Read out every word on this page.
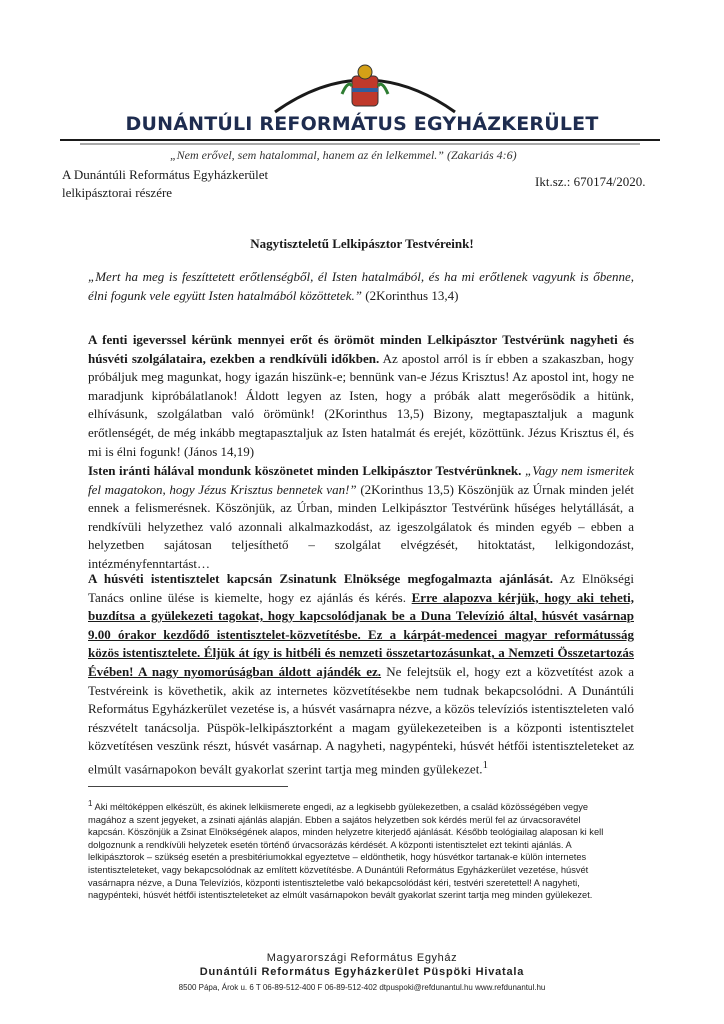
DUNÁNTÚLI REFORMÁTUS EGYHÁZKERÜLET
„Nem erővel, sem hatalommal, hanem az én lelkemmel.” (Zakariás 4:6)
A Dunántúli Református Egyházkerület
lelkipásztorai részére
Ikt.sz.: 670174/2020.
Nagytiszteletű Lelkipásztor Testvéreink!
„Mert ha meg is feszíttetett erőtlenségből, él Isten hatalmából, és ha mi erőtlenek vagyunk is őbenne, élni fogunk vele együtt Isten hatalmából közöttetek.” (2Korinthus 13,4)
A fenti igeverssel kérünk mennyei erőt és örömöt minden Lelkipásztor Testvérünk nagyheti és húsvéti szolgálataira, ezekben a rendkívüli időkben. Az apostol arról is ír ebben a szakaszban, hogy próbáljuk meg magunkat, hogy igazán hiszünk-e; bennünk van-e Jézus Krisztus! Az apostol int, hogy ne maradjunk kipróbálatlanok! Áldott legyen az Isten, hogy a próbák alatt megerősödik a hitünk, elhívásunk, szolgálatban való örömünk! (2Korinthus 13,5) Bizony, megtapasztaljuk a magunk erőtlenségét, de még inkább megtapasztaljuk az Isten hatalmát és erejét, közöttünk. Jézus Krisztus él, és mi is élni fogunk! (János 14,19)
Isten iránti hálával mondunk köszönetet minden Lelkipásztor Testvérünknek. „Vagy nem ismeritek fel magatokon, hogy Jézus Krisztus bennetek van!” (2Korinthus 13,5) Köszönjük az Úrnak minden jelét ennek a felismerésnek. Köszönjük, az Úrban, minden Lelkipásztor Testvérünk hűséges helytállását, a rendkívüli helyzethez való azonnali alkalmazkodást, az igeszolgálatok és minden egyéb – ebben a helyzetben sajátosan teljesíthető – szolgálat elvégzését, hitoktatást, lelkigondozást, intézményfenntartást…
A húsvéti istentisztelet kapcsán Zsinatunk Elnöksége megfogalmazta ajánlását. Az Elnökségi Tanács online ülése is kiemelte, hogy ez ajánlás és kérés. Erre alapozva kérjük, hogy aki teheti, buzdítsa a gyülekezeti tagokat, hogy kapcsolódjanak be a Duna Televízió által, húsvét vasárnap 9.00 órakor kezdődő istentisztelet-közvetítésbe. Ez a kárpát-medencei magyar reformátusság közös istentisztelete. Éljük át így is hitbéli és nemzeti összetartozásunkat, a Nemzeti Összetartozás Évében! A nagy nyomorúságban áldott ajándék ez. Ne felejtsük el, hogy ezt a közvetítést azok a Testvéreink is követhetik, akik az internetes közvetítésekbe nem tudnak bekapcsolódni. A Dunántúli Református Egyházkerület vezetése is, a húsvét vasárnapra nézve, a közös televíziós istentiszteleten való részvételt tanácsolja. Püspök-lelkipásztorként a magam gyülekezeteiben is a központi istentisztelet közvetítésen veszünk részt, húsvét vasárnap. A nagyheti, nagypénteki, húsvét hétfői istentiszteleteket az elmúlt vasárnapokon bevált gyakorlat szerint tartja meg minden gyülekezet.$^1$
$^1$ Aki méltóképpen elkészült, és akinek lelkiismerete engedi, az a legkisebb gyülekezetben, a család közösségében vegye magához a szent jegyeket, a zsinati ajánlás alapján. Ebben a sajátos helyzetben sok kérdés merül fel az úrvacsoravétel kapcsán. Köszönjük a Zsinat Elnökségének alapos, minden helyzetre kiterjedő ajánlását. Később teológiailag alaposan ki kell dolgoznunk a rendkívüli helyzetek esetén történő úrvacsorázás kérdését. A központi istentisztelet ezt tekinti ajánlás. A lelkipásztorok – szükség esetén a presbitériumokkal egyeztetve – eldönthetik, hogy húsvétkor tartanak-e külön internetes istentiszteleteket, vagy bekapcsolódnak az említett közvetítésbe. A Dunántúli Református Egyházkerület vezetése, húsvét vasárnapra nézve, a Duna Televíziós, központi istentiszteletbe való bekapcsolódást kéri, testvéri szeretettel! A nagyheti, nagypénteki, húsvét hétfői istentiszteleteket az elmúlt vasárnapokon bevált gyakorlat szerint tartja meg minden gyülekezet.
Magyarországi Református Egyház
Dunántúli Református Egyházkerület Püspöki Hivatala
8500 Pápa, Árok u. 6 T 06-89-512-400 F 06-89-512-402 dtpuspoki@refdunantul.hu www.refdunantul.hu
